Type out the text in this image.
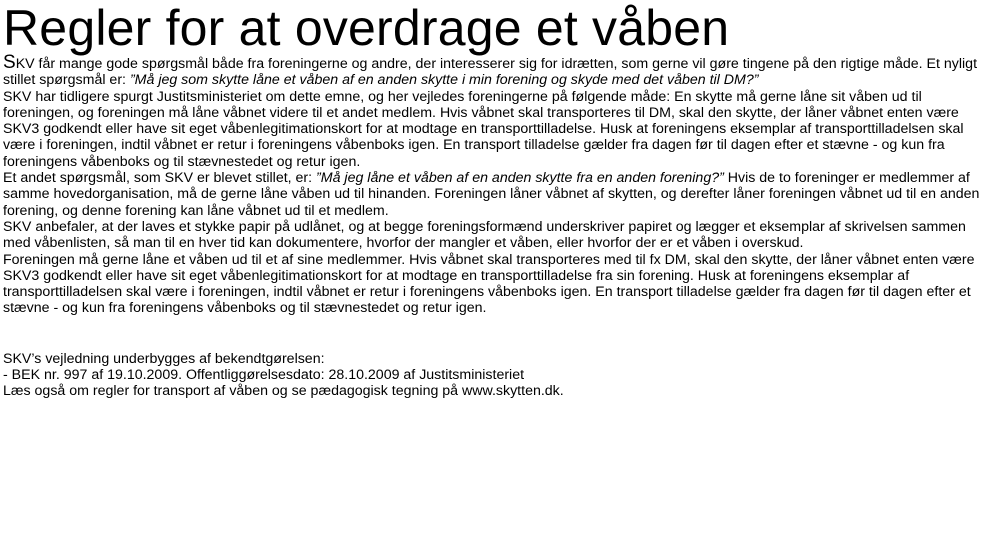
Regler for at overdrage et våben

SKV får mange gode spørgsmål både fra foreningerne og andre, der interesserer sig for idrætten, som gerne vil gøre tingene på den rigtige måde. Et nyligt stillet spørgsmål er: ”Må jeg som skytte låne et våben af en anden skytte i min forening og skyde med det våben til DM?”

SKV har tidligere spurgt Justitsministeriet om dette emne, og her vejledes foreningerne på følgende måde: En skytte må gerne låne sit våben ud til foreningen, og foreningen må låne våbnet videre til et andet medlem. Hvis våbnet skal transporteres til DM, skal den skytte, der låner våbnet enten være SKV3 godkendt eller have sit eget våbenlegitimationskort for at modtage en transporttilladelse. Husk at foreningens eksemplar af transporttilladelsen skal være i foreningen, indtil våbnet er retur i foreningens våbenboks igen. En transport tilladelse gælder fra dagen før til dagen efter et stævne - og kun fra foreningens våbenboks og til stævnestedet og retur igen.

Et andet spørgsmål, som SKV er blevet stillet, er: ”Må jeg låne et våben af en anden skytte fra en anden forening?” Hvis de to foreninger er medlemmer af samme hovedorganisation, må de gerne låne våben ud til hinanden. Foreningen låner våbnet af skytten, og derefter låner foreningen våbnet ud til en anden forening, og denne forening kan låne våbnet ud til et medlem.

SKV anbefaler, at der laves et stykke papir på udlånet, og at begge foreningsformænd underskriver papiret og lægger et eksemplar af skrivelsen sammen med våbenlisten, så man til en hver tid kan dokumentere, hvorfor der mangler et våben, eller hvorfor der er et våben i overskud.

Foreningen må gerne låne et våben ud til et af sine medlemmer. Hvis våbnet skal transporteres med til fx DM, skal den skytte, der låner våbnet enten være SKV3 godkendt eller have sit eget våbenlegitimationskort for at modtage en transporttilladelse fra sin forening. Husk at foreningens eksemplar af transporttilladelsen skal være i foreningen, indtil våbnet er retur i foreningens våbenboks igen. En transport tilladelse gælder fra dagen før til dagen efter et stævne - og kun fra foreningens våbenboks og til stævnestedet og retur igen.

SKV’s vejledning underbygges af bekendtgørelsen:

- BEK nr. 997 af 19.10.2009. Offentliggørelsesdato: 28.10.2009 af Justitsministeriet

Læs også om regler for transport af våben og se pædagogisk tegning på www.skytten.dk.
